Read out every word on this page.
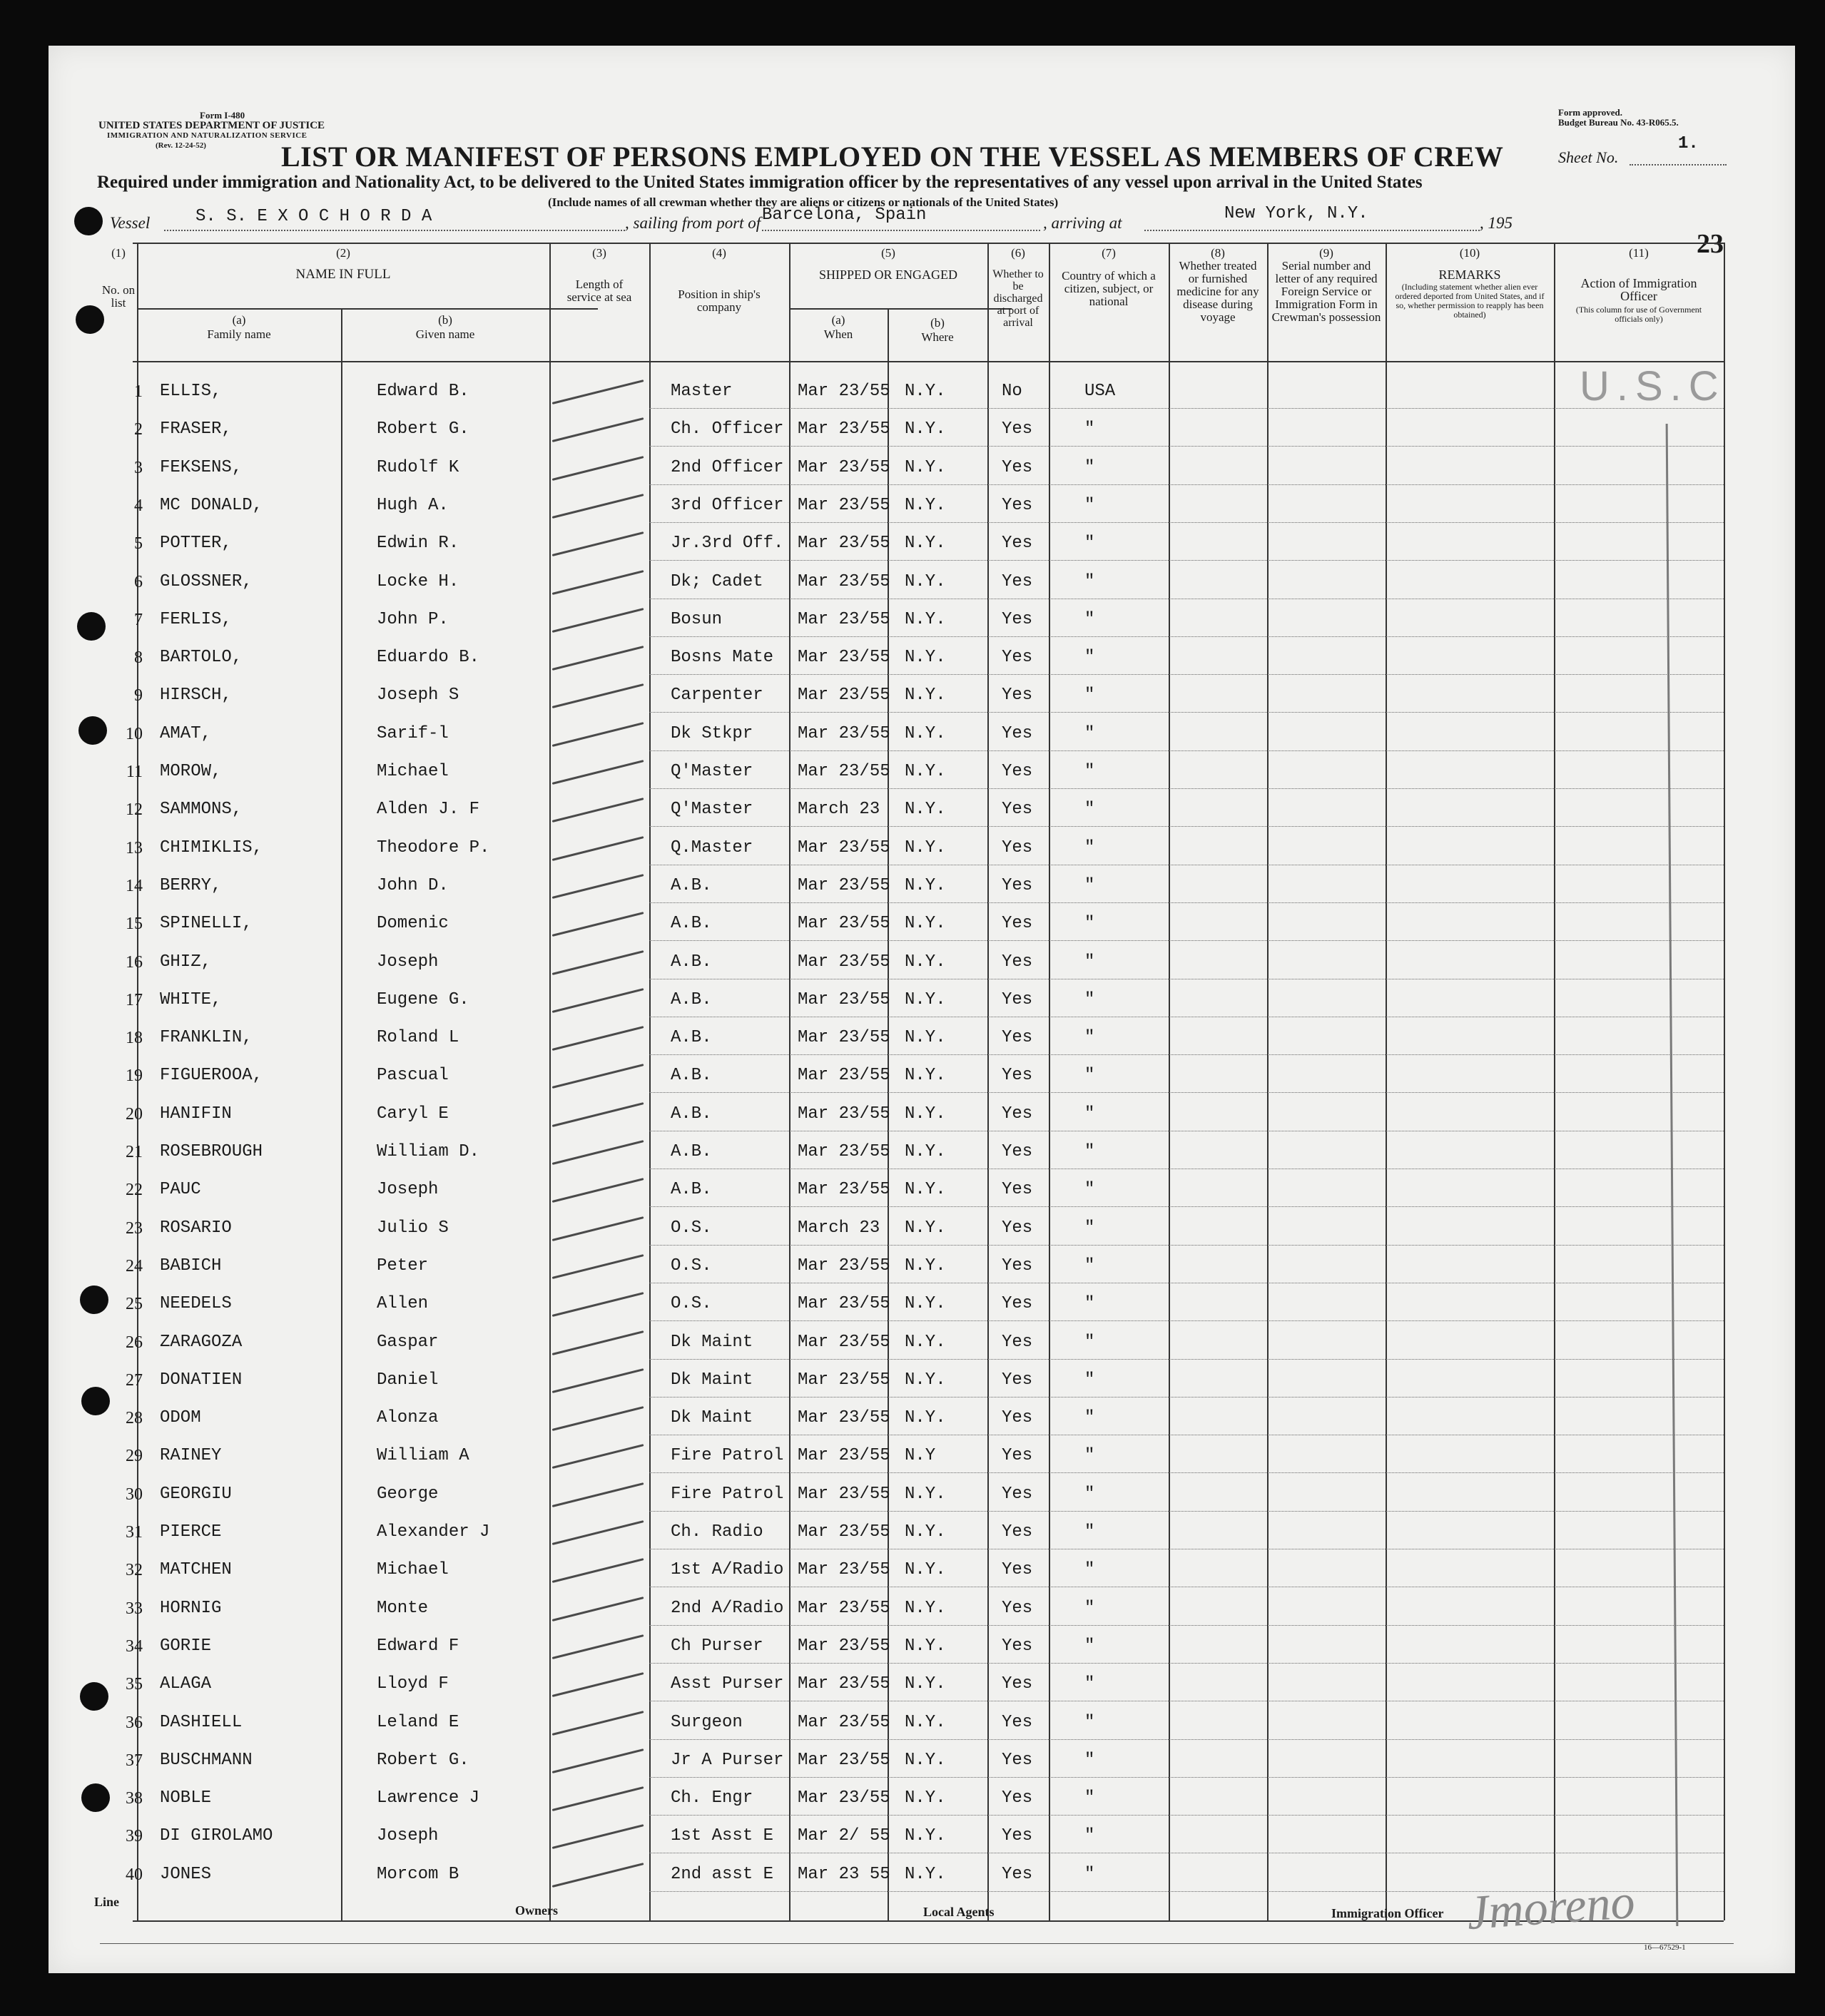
Form I-480
UNITED STATES DEPARTMENT OF JUSTICE
IMMIGRATION AND NATURALIZATION SERVICE
(Rev. 12-24-52)
Form approved.
Budget Bureau No. 43-R065.5.
LIST OR MANIFEST OF PERSONS EMPLOYED ON THE VESSEL AS MEMBERS OF CREW	Sheet No.
1.
Required under immigration and Nationality Act, to be delivered to the United States immigration officer by the representatives of any vessel upon arrival in the United States
(Include names of all crewman whether they are aliens or citizens or nationals of the United States)
Vessel	S. S. E X O C H O R D A	, sailing from port of Barcelona, Spain	, arriving at	New York, N.Y.	, 195
23
(1)
No. on list
(2)
NAME IN FULL
(a)
Family name
(b)
Given name
(3)
Length of service at sea
(4)
Position in ship's company
(5)
SHIPPED OR ENGAGED
(a)
When
(b)
Where
(6)
Whether to be discharged at port of arrival
(7)
Country of which a citizen, subject, or national
(8)
Whether treated or furnished medicine for any disease during voyage
(9)
Serial number and letter of any required Foreign Service or Immigration Form in Crewman's possession
(10)
REMARKS
(Including statement whether alien ever ordered deported from United States, and if so, whether permission to reapply has been obtained)
(11)
Action of Immigration Officer
(This column for use of Government officials only)
1 ELLIS,	Edward B.	Master	Mar 23/55 N.Y.	No	USA
2 FRASER,	Robert G.	Ch. Officer Mar 23/55 N.Y.	Yes	"
3 FEKSENS,	Rudolf K	2nd Officer Mar 23/55 N.Y.	Yes	"
4 MC DONALD,	Hugh A.	3rd Officer Mar 23/55 N.Y.	Yes	"
5 POTTER,	Edwin R.	Jr.3rd Off. Mar 23/55 N.Y.	Yes	"
6 GLOSSNER,	Locke H.	Dk; Cadet Mar 23/55 N.Y.	Yes	"
7 FERLIS,	John P.	Bosun	Mar 23/55 N.Y.	Yes	"
8 BARTOLO,	Eduardo B.	Bosns Mate Mar 23/55 N.Y.	Yes	"
9 HIRSCH,	Joseph S	Carpenter Mar 23/55 N.Y.	Yes	"
10 AMAT,	Sarif-l	Dk Stkpr	Mar 23/55 N.Y.	Yes	"
11 MOROW,	Michael	Q'Master	Mar 23/55 N.Y.	Yes	"
12 SAMMONS,	Alden J. F	Q'Master	March 23 N.Y.	Yes	"
13 CHIMIKLIS,	Theodore P.	Q.Master	Mar 23/55 N.Y.	Yes	"
14 BERRY,	John D.	A.B.	Mar 23/55 N.Y.	Yes	"
15 SPINELLI,	Domenic	A.B.	Mar 23/55 N.Y.	Yes	"
16 GHIZ,	Joseph	A.B.	Mar 23/55 N.Y.	Yes	"
17 WHITE,	Eugene G.	A.B.	Mar 23/55 N.Y.	Yes	"
18 FRANKLIN,	Roland L	A.B.	Mar 23/55 N.Y.	Yes	"
19 FIGUEROOA,	Pascual	A.B.	Mar 23/55 N.Y.	Yes	"
20 HANIFIN	Caryl E	A.B.	Mar 23/55 N.Y.	Yes	"
21 ROSEBROUGH	William D.	A.B.	Mar 23/55 N.Y.	Yes	"
22 PAUC	Joseph	A.B.	Mar 23/55 N.Y.	Yes	"
23 ROSARIO	Julio S	O.S.	March 23 N.Y.	Yes	"
24 BABICH	Peter	O.S.	Mar 23/55 N.Y.	Yes	"
25 NEEDELS	Allen	O.S.	Mar 23/55 N.Y.	Yes	"
26 ZARAGOZA	Gaspar	Dk Maint	Mar 23/55 N.Y.	Yes	"
27 DONATIEN	Daniel	Dk Maint	Mar 23/55 N.Y.	Yes	"
28 ODOM	Alonza	Dk Maint	Mar 23/55 N.Y.	Yes	"
29 RAINEY	William A	Fire Patrol Mar 23/55 N.Y	Yes	"
30 GEORGIU	George	Fire Patrol Mar 23/55 N.Y.	Yes	"
31 PIERCE	Alexander J	Ch. Radio Mar 23/55 N.Y.	Yes	"
32 MATCHEN	Michael	1st A/Radio Mar 23/55 N.Y.	Yes	"
33 HORNIG	Monte	2nd A/Radio Mar 23/55 N.Y.	Yes	"
34 GORIE	Edward F	Ch Purser Mar 23/55 N.Y.	Yes	"
35 ALAGA	Lloyd F	Asst Purser Mar 23/55 N.Y.	Yes	"
36 DASHIELL	Leland E	Surgeon	Mar 23/55 N.Y.	Yes	"
37 BUSCHMANN	Robert G.	Jr A Purser Mar 23/55 N.Y.	Yes	"
38 NOBLE	Lawrence J	Ch. Engr	Mar 23/55 N.Y.	Yes	"
39 DI GIROLAMO	Joseph	1st Asst E Mar 2/ 55 N.Y.	Yes	"
40 JONES	Morcom B	2nd asst E Mar 23 55 N.Y.	Yes	"
U.S.C
Line
Owners	Local Agents	Immigration Officer
16—67529-1
Jmoreno
